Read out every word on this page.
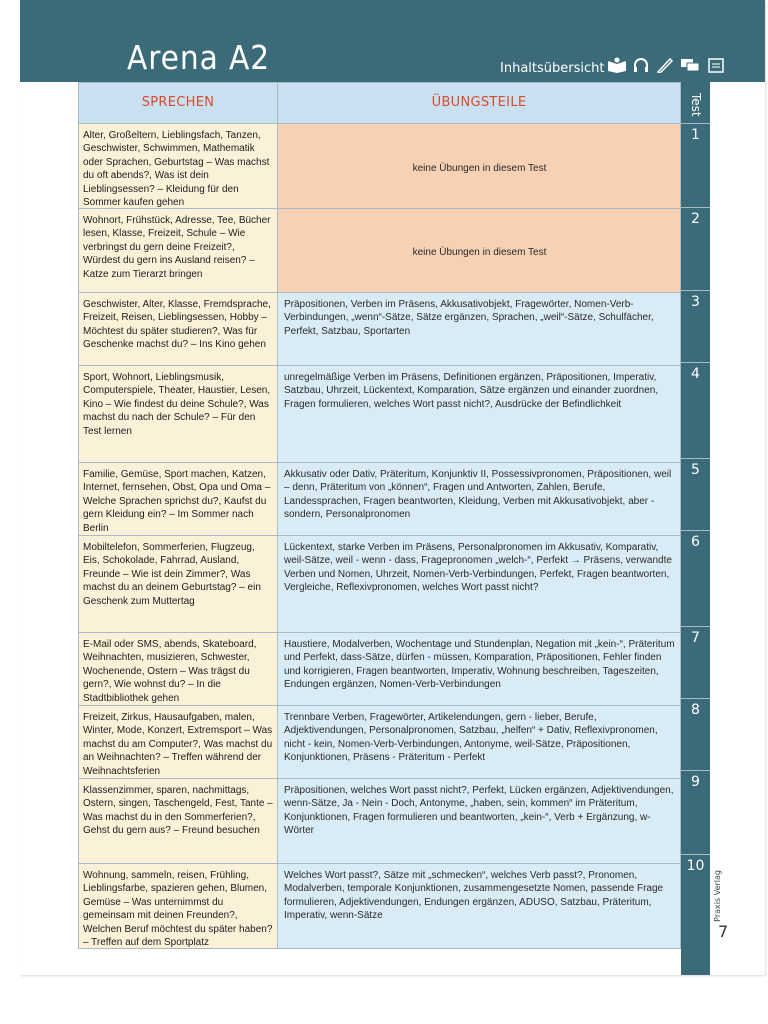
Arena A2	Inhaltsübersicht

SPRECHEN	ÜBUNGSTEILE
Alter, Großeltern, Lieblingsfach, Tanzen, Geschwister, Schwimmen, Mathematik oder Sprachen, Geburtstag – Was machst du oft abends?, Was ist dein Lieblingsessen? – Kleidung für den Sommer kaufen gehen
keine Übungen in diesem Test
Wohnort, Frühstück, Adresse, Tee, Bücher lesen, Klasse, Freizeit, Schule – Wie verbringst du gern deine Freizeit?, Würdest du gern ins Ausland reisen? – Katze zum Tierarzt bringen
keine Übungen in diesem Test
Geschwister, Alter, Klasse, Fremdsprache, Freizeit, Reisen, Lieblingsessen, Hobby – Möchtest du später studieren?, Was für Geschenke machst du? – Ins Kino gehen
Präpositionen, Verben im Präsens, Akkusativobjekt, Fragewörter, Nomen-Verb-Verbindungen, „wenn“-Sätze, Sätze ergänzen, Sprachen, „weil“-Sätze, Schulfächer, Perfekt, Satzbau, Sportarten
Sport, Wohnort, Lieblingsmusik, Computerspiele, Theater, Haustier, Lesen, Kino – Wie findest du deine Schule?, Was machst du nach der Schule? – Für den Test lernen
unregelmäßige Verben im Präsens, Definitionen ergänzen, Präpositionen, Imperativ, Satzbau, Uhrzeit, Lückentext, Komparation, Sätze ergänzen und einander zuordnen, Fragen formulieren, welches Wort passt nicht?, Ausdrücke der Befindlichkeit
Familie, Gemüse, Sport machen, Katzen, Internet, fernsehen, Obst, Opa und Oma – Welche Sprachen sprichst du?, Kaufst du gern Kleidung ein? – Im Sommer nach Berlin
Akkusativ oder Dativ, Präteritum, Konjunktiv II, Possessivpronomen, Präpositionen, weil – denn, Präteritum von „können“, Fragen und Antworten, Zahlen, Berufe, Landessprachen, Fragen beantworten, Kleidung, Verben mit Akkusativobjekt, aber - sondern, Personalpronomen
Mobiltelefon, Sommerferien, Flugzeug, Eis, Schokolade, Fahrrad, Ausland, Freunde – Wie ist dein Zimmer?, Was machst du an deinem Geburtstag? – ein Geschenk zum Muttertag
Lückentext, starke Verben im Präsens, Personalpronomen im Akkusativ, Komparativ, weil-Sätze, weil - wenn - dass, Fragepronomen „welch-“, Perfekt → Präsens, verwandte Verben und Nomen, Uhrzeit, Nomen-Verb-Verbindungen, Perfekt, Fragen beantworten, Vergleiche, Reflexivpronomen, welches Wort passt nicht?
E-Mail oder SMS, abends, Skateboard, Weihnachten, musizieren, Schwester, Wochenende, Ostern – Was trägst du gern?, Wie wohnst du? – In die Stadtbibliothek gehen
Haustiere, Modalverben, Wochentage und Stundenplan, Negation mit „kein-“, Präteritum und Perfekt, dass-Sätze, dürfen - müssen, Komparation, Präpositionen, Fehler finden und korrigieren, Fragen beantworten, Imperativ, Wohnung beschreiben, Tageszeiten, Endungen ergänzen, Nomen-Verb-Verbindungen
Freizeit, Zirkus, Hausaufgaben, malen, Winter, Mode, Konzert, Extremsport – Was machst du am Computer?, Was machst du an Weihnachten? – Treffen während der Weihnachtsferien
Trennbare Verben, Fragewörter, Artikelendungen, gern - lieber, Berufe, Adjektivendungen, Personalpronomen, Satzbau, „helfen“ + Dativ, Reflexivpronomen, nicht - kein, Nomen-Verb-Verbindungen, Antonyme, weil-Sätze, Präpositionen, Konjunktionen, Präsens - Präteritum - Perfekt
Klassenzimmer, sparen, nachmittags, Ostern, singen, Taschengeld, Fest, Tante – Was machst du in den Sommerferien?, Gehst du gern aus? – Freund besuchen
Präpositionen, welches Wort passt nicht?, Perfekt, Lücken ergänzen, Adjektivendungen, wenn-Sätze, Ja - Nein - Doch, Antonyme, „haben, sein, kommen“ im Präteritum, Konjunktionen, Fragen formulieren und beantworten, „kein-“, Verb + Ergänzung, w-Wörter
Wohnung, sammeln, reisen, Frühling, Lieblingsfarbe, spazieren gehen, Blumen, Gemüse – Was unternimmst du gemeinsam mit deinen Freunden?, Welchen Beruf möchtest du später haben? – Treffen auf dem Sportplatz
Welches Wort passt?, Sätze mit „schmecken“, welches Verb passt?, Pronomen, Modalverben, temporale Konjunktionen, zusammengesetzte Nomen, passende Frage formulieren, Adjektivendungen, Endungen ergänzen, ADUSO, Satzbau, Präteritum, Imperativ, wenn-Sätze
1
2
3
4
5
6
7
8
9
10
Test
Praxis Verlag
7
